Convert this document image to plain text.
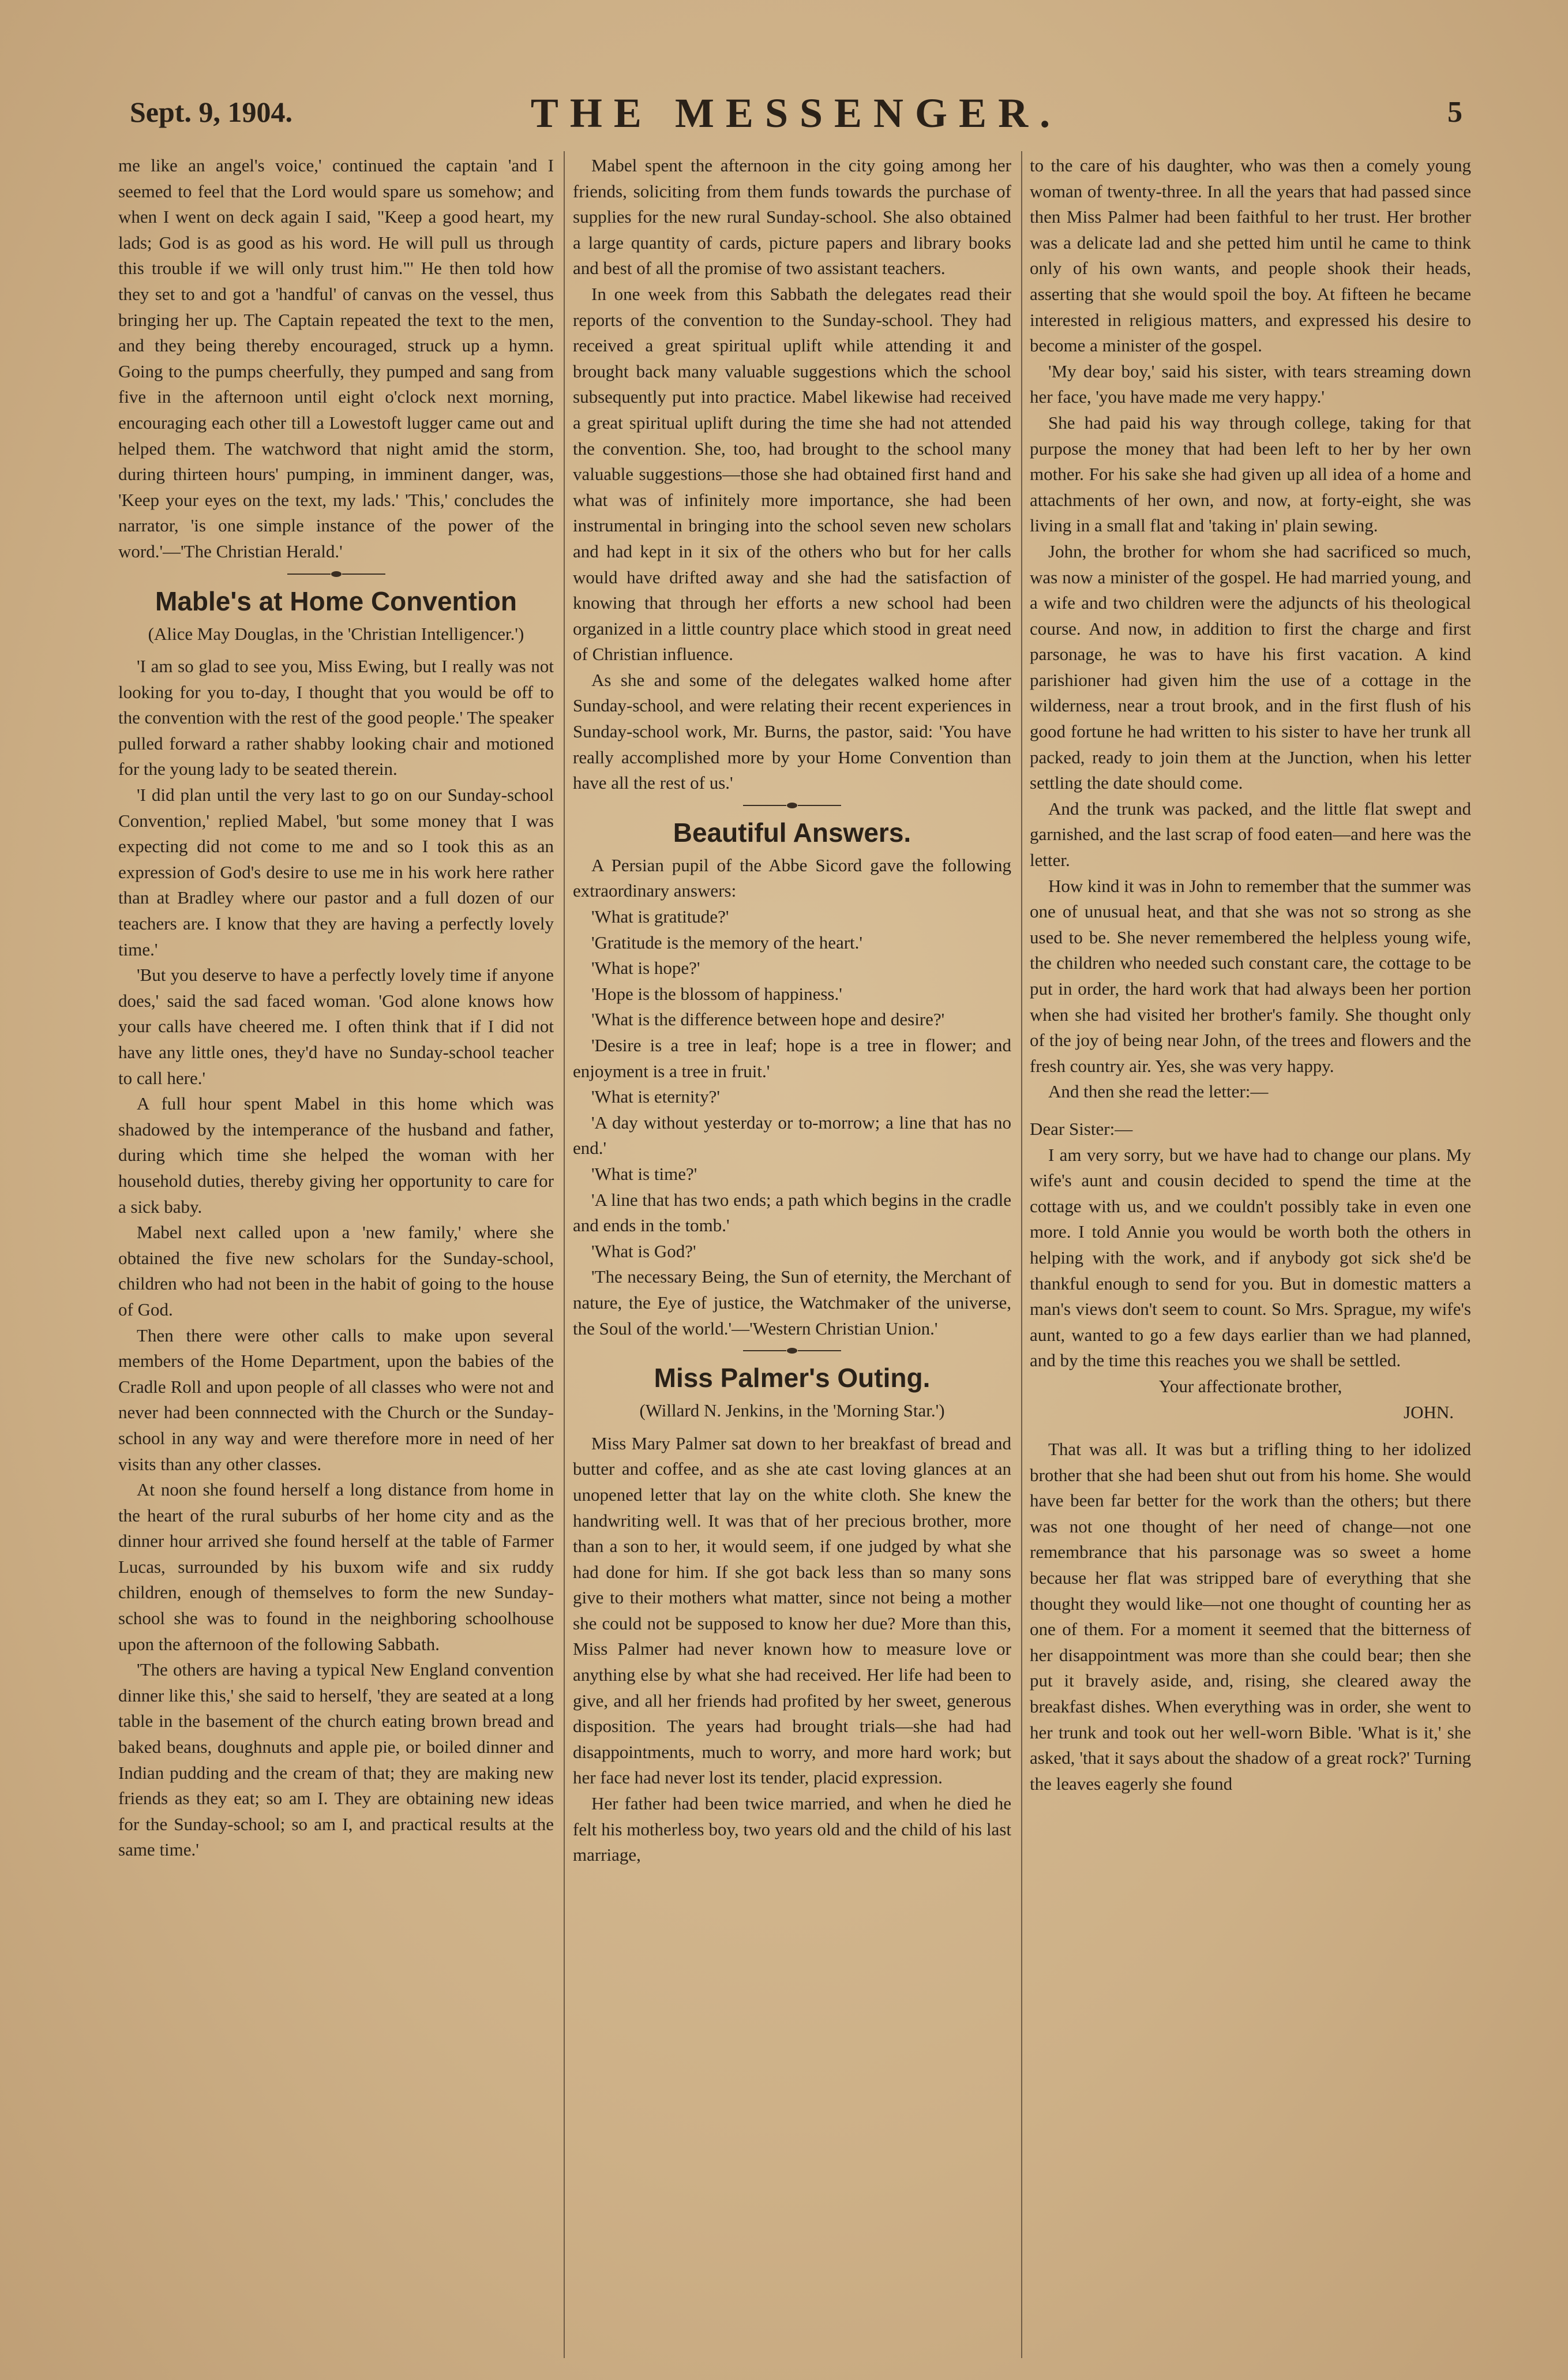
Sept. 9, 1904.	THE MESSENGER.	5

me like an angel's voice,' continued the captain 'and I seemed to feel that the Lord would spare us somehow; and when I went on deck again I said, "Keep a good heart, my lads; God is as good as his word. He will pull us through this trouble if we will only trust him."' He then told how they set to and got a 'handful' of canvas on the vessel, thus bringing her up. The Captain repeated the text to the men, and they being thereby encouraged, struck up a hymn. Going to the pumps cheerfully, they pumped and sang from five in the afternoon until eight o'clock next morning, encouraging each other till a Lowestoft lugger came out and helped them. The watchword that night amid the storm, during thirteen hours' pumping, in imminent danger, was, 'Keep your eyes on the text, my lads.' 'This,' concludes the narrator, 'is one simple instance of the power of the word.'—'The Christian Herald.'

Mable's at Home Convention

(Alice May Douglas, in the 'Christian Intelligencer.')

'I am so glad to see you, Miss Ewing, but I really was not looking for you to-day, I thought that you would be off to the convention with the rest of the good people.' The speaker pulled forward a rather shabby looking chair and motioned for the young lady to be seated therein.

'I did plan until the very last to go on our Sunday-school Convention,' replied Mabel, 'but some money that I was expecting did not come to me and so I took this as an expression of God's desire to use me in his work here rather than at Bradley where our pastor and a full dozen of our teachers are. I know that they are having a perfectly lovely time.'

'But you deserve to have a perfectly lovely time if anyone does,' said the sad faced woman. 'God alone knows how your calls have cheered me. I often think that if I did not have any little ones, they'd have no Sunday-school teacher to call here.'

A full hour spent Mabel in this home which was shadowed by the intemperance of the husband and father, during which time she helped the woman with her household duties, thereby giving her opportunity to care for a sick baby.

Mabel next called upon a 'new family,' where she obtained the five new scholars for the Sunday-school, children who had not been in the habit of going to the house of God.

Then there were other calls to make upon several members of the Home Department, upon the babies of the Cradle Roll and upon people of all classes who were not and never had been connnected with the Church or the Sunday-school in any way and were therefore more in need of her visits than any other classes.

At noon she found herself a long distance from home in the heart of the rural suburbs of her home city and as the dinner hour arrived she found herself at the table of Farmer Lucas, surrounded by his buxom wife and six ruddy children, enough of themselves to form the new Sunday-school she was to found in the neighboring schoolhouse upon the afternoon of the following Sabbath.

'The others are having a typical New England convention dinner like this,' she said to herself, 'they are seated at a long table in the basement of the church eating brown bread and baked beans, doughnuts and apple pie, or boiled dinner and Indian pudding and the cream of that; they are making new friends as they eat; so am I. They are obtaining new ideas for the Sunday-school; so am I, and practical results at the same time.'

Mabel spent the afternoon in the city going among her friends, soliciting from them funds towards the purchase of supplies for the new rural Sunday-school. She also obtained a large quantity of cards, picture papers and library books and best of all the promise of two assistant teachers.

In one week from this Sabbath the delegates read their reports of the convention to the Sunday-school. They had received a great spiritual uplift while attending it and brought back many valuable suggestions which the school subsequently put into practice. Mabel likewise had received a great spiritual uplift during the time she had not attended the convention. She, too, had brought to the school many valuable suggestions—those she had obtained first hand and what was of infinitely more importance, she had been instrumental in bringing into the school seven new scholars and had kept in it six of the others who but for her calls would have drifted away and she had the satisfaction of knowing that through her efforts a new school had been organized in a little country place which stood in great need of Christian influence.

As she and some of the delegates walked home after Sunday-school, and were relating their recent experiences in Sunday-school work, Mr. Burns, the pastor, said: 'You have really accomplished more by your Home Convention than have all the rest of us.'

Beautiful Answers.

A Persian pupil of the Abbe Sicord gave the following extraordinary answers:

'What is gratitude?'

'Gratitude is the memory of the heart.'

'What is hope?'

'Hope is the blossom of happiness.'

'What is the difference between hope and desire?'

'Desire is a tree in leaf; hope is a tree in flower; and enjoyment is a tree in fruit.'

'What is eternity?'

'A day without yesterday or to-morrow; a line that has no end.'

'What is time?'

'A line that has two ends; a path which begins in the cradle and ends in the tomb.'

'What is God?'

'The necessary Being, the Sun of eternity, the Merchant of nature, the Eye of justice, the Watchmaker of the universe, the Soul of the world.'—'Western Christian Union.'

Miss Palmer's Outing.

(Willard N. Jenkins, in the 'Morning Star.')

Miss Mary Palmer sat down to her breakfast of bread and butter and coffee, and as she ate cast loving glances at an unopened letter that lay on the white cloth. She knew the handwriting well. It was that of her precious brother, more than a son to her, it would seem, if one judged by what she had done for him. If she got back less than so many sons give to their mothers what matter, since not being a mother she could not be supposed to know her due? More than this, Miss Palmer had never known how to measure love or anything else by what she had received. Her life had been to give, and all her friends had profited by her sweet, generous disposition. The years had brought trials—she had had disappointments, much to worry, and more hard work; but her face had never lost its tender, placid expression.

Her father had been twice married, and when he died he felt his motherless boy, two years old and the child of his last marriage,

to the care of his daughter, who was then a comely young woman of twenty-three. In all the years that had passed since then Miss Palmer had been faithful to her trust. Her brother was a delicate lad and she petted him until he came to think only of his own wants, and people shook their heads, asserting that she would spoil the boy. At fifteen he became interested in religious matters, and expressed his desire to become a minister of the gospel.

'My dear boy,' said his sister, with tears streaming down her face, 'you have made me very happy.'

She had paid his way through college, taking for that purpose the money that had been left to her by her own mother. For his sake she had given up all idea of a home and attachments of her own, and now, at forty-eight, she was living in a small flat and 'taking in' plain sewing.

John, the brother for whom she had sacrificed so much, was now a minister of the gospel. He had married young, and a wife and two children were the adjuncts of his theological course. And now, in addition to first the charge and first parsonage, he was to have his first vacation. A kind parishioner had given him the use of a cottage in the wilderness, near a trout brook, and in the first flush of his good fortune he had written to his sister to have her trunk all packed, ready to join them at the Junction, when his letter settling the date should come.

And the trunk was packed, and the little flat swept and garnished, and the last scrap of food eaten—and here was the letter.

How kind it was in John to remember that the summer was one of unusual heat, and that she was not so strong as she used to be. She never remembered the helpless young wife, the children who needed such constant care, the cottage to be put in order, the hard work that had always been her portion when she had visited her brother's family. She thought only of the joy of being near John, of the trees and flowers and the fresh country air. Yes, she was very happy.

And then she read the letter:—

Dear Sister:—

I am very sorry, but we have had to change our plans. My wife's aunt and cousin decided to spend the time at the cottage with us, and we couldn't possibly take in even one more. I told Annie you would be worth both the others in helping with the work, and if anybody got sick she'd be thankful enough to send for you. But in domestic matters a man's views don't seem to count. So Mrs. Sprague, my wife's aunt, wanted to go a few days earlier than we had planned, and by the time this reaches you we shall be settled.

Your affectionate brother,

JOHN.

That was all. It was but a trifling thing to her idolized brother that she had been shut out from his home. She would have been far better for the work than the others; but there was not one thought of her need of change—not one remembrance that his parsonage was so sweet a home because her flat was stripped bare of everything that she thought they would like—not one thought of counting her as one of them. For a moment it seemed that the bitterness of her disappointment was more than she could bear; then she put it bravely aside, and, rising, she cleared away the breakfast dishes. When everything was in order, she went to her trunk and took out her well-worn Bible. 'What is it,' she asked, 'that it says about the shadow of a great rock?' Turning the leaves eagerly she found
